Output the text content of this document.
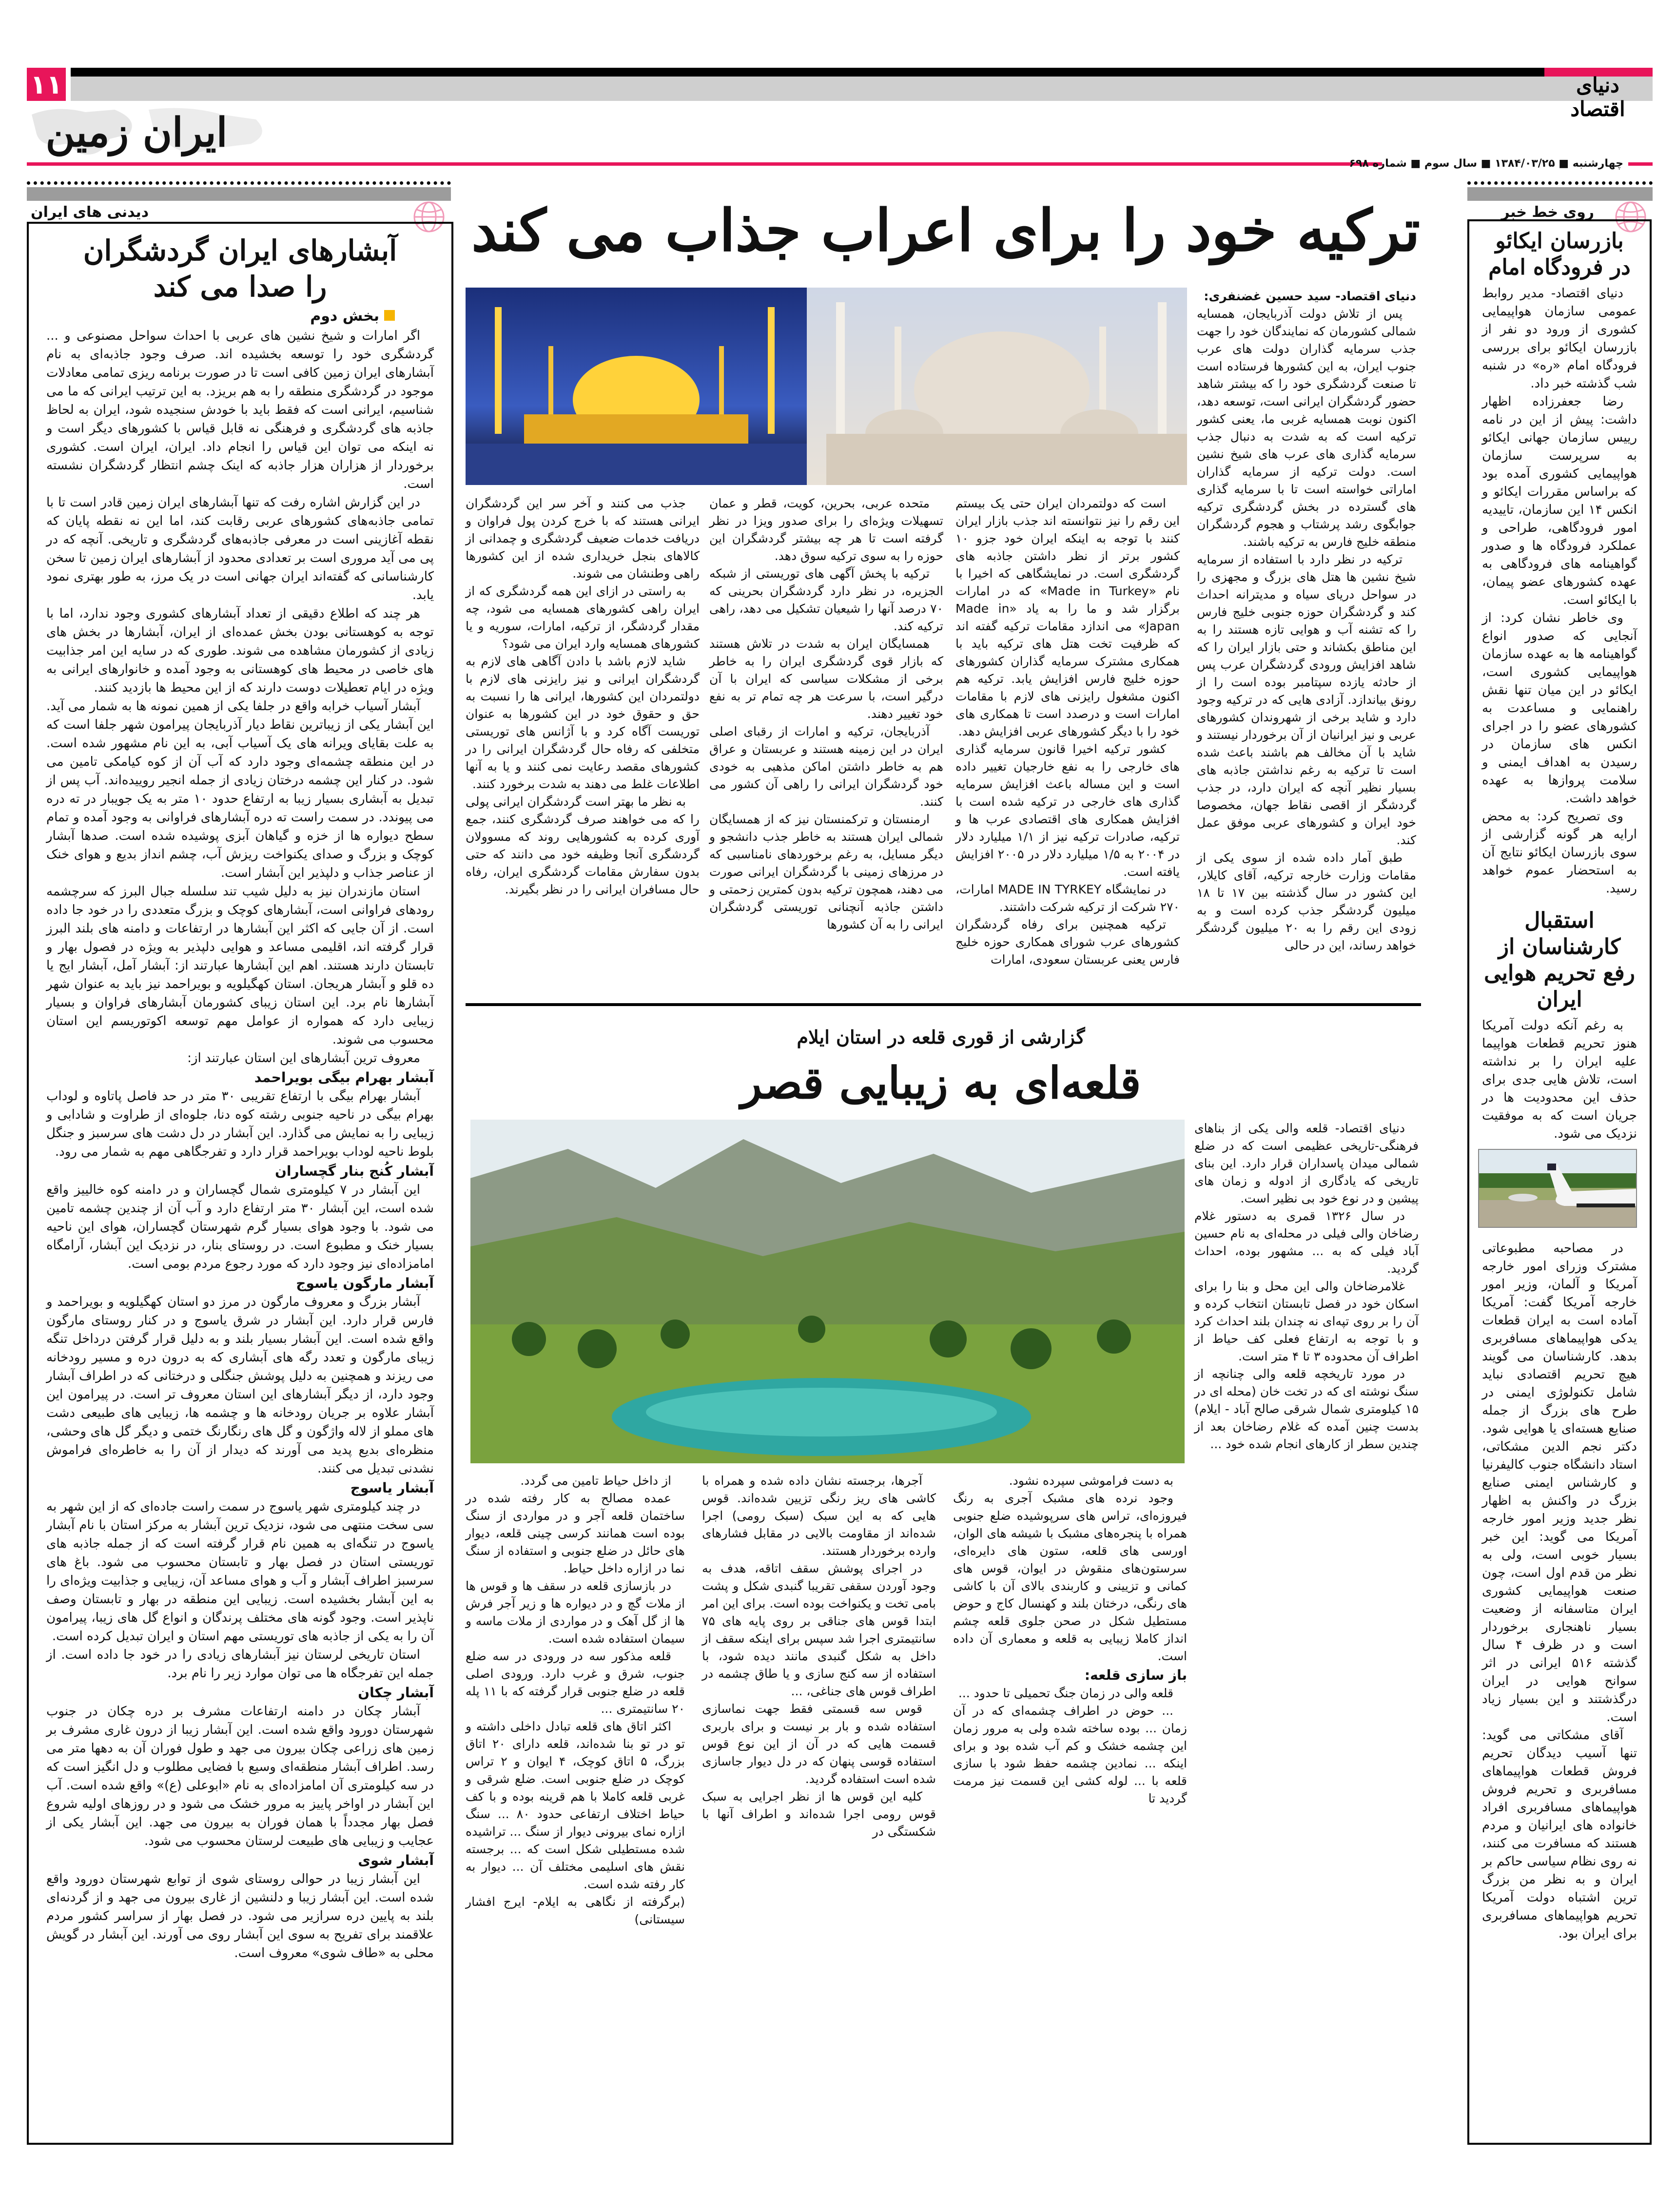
۱۱	دنیای اقتصاد
ایران زمین
چهارشنبه ■ ۱۳۸۴/۰۳/۲۵ ■ سال سوم ■ شماره ۶۹۸
روی خط خبر
دیدنی های ایران
بازرسان ایکائو در فرودگاه امام

دنیای اقتصاد- مدیر روابط عمومی سازمان هواپیمایی کشوری از ورود دو نفر از بازرسان ایکائو برای بررسی فرودگاه امام «ره» در شنبه شب گذشته خبر داد.

رضا جعفرزاده اظهار داشت: پیش از این در نامه رییس سازمان جهانی ایکائو به سرپرست سازمان هواپیمایی کشوری آمده بود که براساس مقررات ایکائو و انکس ۱۴ این سازمان، تاییدیه امور فرودگاهی، طراحی و عملکرد فرودگاه ها و صدور گواهینامه های فرودگاهی به عهده کشورهای عضو پیمان، با ایکائو است.

وی خاطر نشان کرد: از آنجایی که صدور انواع گواهینامه ها به عهده سازمان هواپیمایی کشوری است، ایکائو در این میان تنها نقش راهنمایی و مساعدت به کشورهای عضو را در اجرای انکس های سازمان در رسیدن به اهداف ایمنی و سلامت پروازها به عهده خواهد داشت.

وی تصریح کرد: به محض ارایه هر گونه گزارشی از سوی بازرسان ایکائو نتایج آن به استحضار عموم خواهد رسید.

استقبال کارشناسان از رفع تحریم هوایی ایران

به رغم آنکه دولت آمریکا هنوز تحریم قطعات هواپیما علیه ایران را بر نداشته است، تلاش هایی جدی برای حذف این محدودیت ها در جریان است که به موفقیت نزدیک می شود.

در مصاحبه مطبوعاتی مشترک وزرای امور خارجه آمریکا و آلمان، وزیر امور خارجه آمریکا گفت: آمریکا آماده است به ایران قطعات یدکی هواپیماهای مسافربری بدهد. کارشناسان می گویند هیچ تحریم اقتصادی نباید شامل تکنولوژی ایمنی در طرح های بزرگ از جمله صنایع هسته‌ای یا هوایی شود. دکتر نجم الدین مشکاتی، استاد دانشگاه جنوب کالیفرنیا و کارشناس ایمنی صنایع بزرگ در واکنش به اظهار نظر جدید وزیر امور خارجه آمریکا می گوید: این خبر بسیار خوبی است، ولی به نظر من قدم اول است، چون صنعت هواپیمایی کشوری ایران متاسفانه از وضعیت بسیار ناهنجاری برخوردار است و در ظرف ۴ سال گذشته ۵۱۶ ایرانی در اثر سوانح هوایی در ایران درگذشتند و این بسیار زیاد است.

آقای مشکاتی می گوید: تنها آسیب دیدگان تحریم فروش قطعات هواپیماهای مسافربری و تحریم فروش هواپیماهای مسافربری افراد خانواده های ایرانیان و مردم هستند که مسافرت می کنند، نه روی نظام سیاسی حاکم بر ایران و به نظر من بزرگ ترین اشتباه دولت آمریکا تحریم هواپیماهای مسافربری برای ایران بود.

آبشارهای ایران گردشگران را صدا می کند
بخش دوم

اگر امارات و شیخ نشین های عربی با احداث سواحل مصنوعی و ... گردشگری خود را توسعه بخشیده اند. صرف وجود جاذبه‌ای به نام آبشارهای ایران زمین کافی است تا در صورت برنامه ریزی تمامی معادلات موجود در گردشگری منطقه را به هم بریزد. به این ترتیب ایرانی که ما می شناسیم، ایرانی است که فقط باید با خودش سنجیده شود، ایران به لحاظ جاذبه های گردشگری و فرهنگی نه قابل قیاس با کشورهای دیگر است و نه اینکه می توان این قیاس را انجام داد. ایران، ایران است. کشوری برخوردار از هزاران هزار جاذبه که اینک چشم انتظار گردشگران نشسته است.

در این گزارش اشاره رفت که تنها آبشارهای ایران زمین قادر است تا با تمامی جاذبه‌های کشورهای عربی رقابت کند، اما این نه نقطه پایان که نقطه آغازینی است در معرفی جاذبه‌های گردشگری و تاریخی. آنچه که در پی می آید مروری است بر تعدادی محدود از آبشارهای ایران زمین تا سخن کارشناسانی که گفته‌اند ایران جهانی است در یک مرز، به طور بهتری نمود یابد.

هر چند که اطلاع دقیقی از تعداد آبشارهای کشوری وجود ندارد، اما با توجه به کوهستانی بودن بخش عمده‌ای از ایران، آبشارها در بخش های زیادی از کشورمان مشاهده می شوند. طوری که در سایه این امر جذابیت های خاصی در محیط های کوهستانی به وجود آمده و خانوارهای ایرانی به ویژه در ایام تعطیلات دوست دارند که از این محیط ها بازدید کنند.

آبشار آسیاب خرابه واقع در جلفا یکی از همین نمونه ها به شمار می آید. این آبشار یکی از زیباترین نقاط دیار آذربایجان پیرامون شهر جلفا است که به علت بقایای ویرانه های یک آسیاب آبی، به این نام مشهور شده است. در این منطقه چشمه‌ای وجود دارد که آب آن از کوه کیامکی تامین می شود. در کنار این چشمه درختان زیادی از جمله انجیر روییده‌اند. آب پس از تبدیل به آبشاری بسیار زیبا به ارتفاع حدود ۱۰ متر به یک جویبار در ته دره می پیوندد. در سمت راست ته دره آبشارهای فراوانی به وجود آمده و تمام سطح دیواره ها از خزه و گیاهان آبزی پوشیده شده است. صدها آبشار کوچک و بزرگ و صدای یکنواخت ریزش آب، چشم انداز بدیع و هوای خنک از عناصر جذاب و دلپذیر این آبشار است.

استان مازندران نیز به دلیل شیب تند سلسله جبال البرز که سرچشمه رودهای فراوانی است، آبشارهای کوچک و بزرگ متعددی را در خود جا داده است. از آن جایی که اکثر این آبشارها در ارتفاعات و دامنه های بلند البرز قرار گرفته اند، اقلیمی مساعد و هوایی دلپذیر به ویژه در فصول بهار و تابستان دارند هستند. اهم این آبشارها عبارتند از: آبشار آمل، آبشار ایج یا ده قلو و آبشار هریجان. استان کهگیلویه و بویراحمد نیز باید به عنوان شهر آبشارها نام برد. این استان زیبای کشورمان آبشارهای فراوان و بسیار زیبایی دارد که همواره از عوامل مهم توسعه اکوتوریسم این استان محسوب می شوند.

معروف ترین آبشارهای این استان عبارتند از:

آبشار بهرام بیگی بویراحمد

آبشار بهرام بیگی با ارتفاع تقریبی ۳۰ متر در حد فاصل پاتاوه و لوداب بهرام بیگی در ناحیه جنوبی رشته کوه دنا، جلوه‌ای از طراوت و شادابی و زیبایی را به نمایش می گذارد. این آبشار در دل دشت های سرسبز و جنگل بلوط ناحیه لوداب بویراحمد قرار دارد و تفرجگاهی مهم به شمار می رود.

آبشار کُنج بنار گچساران

این آبشار در ۷ کیلومتری شمال گچساران و در دامنه کوه خالییز واقع شده است، این آبشار ۳۰ متر ارتفاع دارد و آب آن از چندین چشمه تامین می شود. با وجود هوای بسیار گرم شهرستان گچساران، هوای این ناحیه بسیار خنک و مطبوع است. در روستای بنار، در نزدیک این آبشار، آرامگاه امامزاده‌ای نیز وجود دارد که مورد رجوع مردم بومی است.

آبشار مارگون یاسوج

آبشار بزرگ و معروف مارگون در مرز دو استان کهگیلویه و بویراحمد و فارس قرار دارد. این آبشار در شرق یاسوج و در کنار روستای مارگون واقع شده است. این آبشار بسیار بلند و به دلیل قرار گرفتن درداخل تنگه زیبای مارگون و تعدد رگه های آبشاری که به درون دره و مسیر رودخانه می ریزند و همچنین به دلیل پوشش جنگلی و درختانی که در اطراف آبشار وجود دارد، از دیگر آبشارهای این استان معروف تر است. در پیرامون این آبشار علاوه بر جریان رودخانه ها و چشمه ها، زیبایی های طبیعی دشت های مملو از لاله واژگون و گل های رنگارنگ ختمی و دیگر گل های وحشی، منظره‌ای بدیع پدید می آورند که دیدار از آن را به خاطره‌ای فراموش نشدنی تبدیل می کنند.

آبشار یاسوج

در چند کیلومتری شهر یاسوج در سمت راست جاده‌ای که از این شهر به سی سخت منتهی می شود، نزدیک ترین آبشار به مرکز استان با نام آبشار یاسوج در تنگه‌ای به همین نام قرار گرفته است که از جمله جاذبه های توریستی استان در فصل بهار و تابستان محسوب می شود. باغ های سرسبز اطراف آبشار و آب و هوای مساعد آن، زیبایی و جذابیت ویژه‌ای را به این آبشار بخشیده است. زیبایی این منطقه در بهار و تابستان وصف ناپذیر است. وجود گونه های مختلف پرندگان و انواع گل های زیبا، پیرامون آن را به یکی از جاذبه های توریستی مهم استان و ایران تبدیل کرده است.

استان تاریخی لرستان نیز آبشارهای زیادی را در خود جا داده است. از جمله این تفرجگاه ها می توان موارد زیر را نام برد.

آبشار چکان

آبشار چکان در دامنه ارتفاعات مشرف بر دره چکان در جنوب شهرستان دورود واقع شده است. این آبشار زیبا از درون غاری مشرف بر زمین های زراعی چکان بیرون می جهد و طول فوران آن به دهها متر می رسد. اطراف آبشار منطقه‌ای وسیع با فضایی مطلوب و دل انگیز است که در سه کیلومتری آن امامزاده‌ای به نام «ابوعلی (ع)» واقع شده است. آب این آبشار در اواخر پاییز به مرور خشک می شود و در روزهای اولیه شروع فصل بهار مجدداً با همان فوران به بیرون می جهد. این آبشار یکی از عجایب و زیبایی های طبیعت لرستان محسوب می شود.

آبشار شوی

این آبشار زیبا در حوالی روستای شوی از توابع شهرستان دورود واقع شده است. این آبشار زیبا و دلنشین از غاری بیرون می جهد و از گردنه‌ای بلند به پایین دره سرازیر می شود. در فصل بهار از سراسر کشور مردم علاقمند برای تفریح به سوی این آبشار روی می آورند. این آبشار در گویش محلی به «طاف شوی» معروف است.

ترکیه خود را برای اعراب جذاب می کند
دنیای اقتصاد- سید حسین غضنفری:

پس از تلاش دولت آذربایجان، همسایه شمالی کشورمان که نمایندگان خود را جهت جذب سرمایه گذاران دولت های عرب جنوب ایران، به این کشورها فرستاده است تا صنعت گردشگری خود را که بیشتر شاهد حضور گردشگران ایرانی است، توسعه دهد، اکنون نوبت همسایه غربی ما، یعنی کشور ترکیه است که به شدت به دنبال جذب سرمایه گذاری های عرب های شیخ نشین است. دولت ترکیه از سرمایه گذاران اماراتی خواسته است تا با سرمایه گذاری های گسترده در بخش گردشگری ترکیه جوابگوی رشد پرشتاب و هجوم گردشگران منطقه خلیج فارس به ترکیه باشند.

ترکیه در نظر دارد با استفاده از سرمایه شیخ نشین ها هتل های بزرگ و مجهزی را در سواحل دریای سیاه و مدیترانه احداث کند و گردشگران حوزه جنوبی خلیج فارس را که تشنه آب و هوایی تازه هستند را به این مناطق بکشاند و حتی بازار ایران را که شاهد افزایش ورودی گردشگران عرب پس از حادثه یازده سپتامبر بوده است را از رونق بیاندازد. آزادی هایی که در ترکیه وجود دارد و شاید برخی از شهروندان کشورهای عربی و نیز ایرانیان از آن برخوردار نیستند و شاید با آن مخالف هم باشند باعث شده است تا ترکیه به رغم نداشتن جاذبه های بسیار نظیر آنچه که ایران دارد، در جذب گردشگر از اقصی نقاط جهان، مخصوصا خود ایران و کشورهای عربی موفق عمل کند.

طبق آمار داده شده از سوی یکی از مقامات وزارت خارجه ترکیه، آقای کایلار، این کشور در سال گذشته بین ۱۷ تا ۱۸ میلیون گردشگر جذب کرده است و به زودی این رقم را به ۲۰ میلیون گردشگر خواهد رساند، این در حالی

است که دولتمردان ایران حتی یک بیستم این رقم را نیز نتوانسته اند جذب بازار ایران کنند با توجه به اینکه ایران خود جزو ۱۰ کشور برتر از نظر داشتن جاذبه های گردشگری است. در نمایشگاهی که اخیرا با نام «Made in Turkey» که در امارات برگزار شد و ما را به یاد «Made in Japan» می اندازد مقامات ترکیه گفته اند که ظرفیت تخت هتل های ترکیه باید با همکاری مشترک سرمایه گذاران کشورهای حوزه خلیج فارس افزایش یابد. ترکیه هم اکنون مشغول رایزنی های لازم با مقامات امارات است و درصدد است تا همکاری های خود را با دیگر کشورهای عربی افزایش دهد.

کشور ترکیه اخیرا قانون سرمایه گذاری های خارجی را به نفع خارجیان تغییر داده است و این مساله باعث افزایش سرمایه گذاری های خارجی در ترکیه شده است با افزایش همکاری های اقتصادی عرب ها و ترکیه، صادرات ترکیه نیز از ۱/۱ میلیارد دلار در ۲۰۰۴ به ۱/۵ میلیارد دلار در ۲۰۰۵ افزایش یافته است.

در نمایشگاه MADE IN TYRKEY امارات، ۲۷۰ شرکت از ترکیه شرکت داشتند.

ترکیه همچنین برای رفاه گردشگران کشورهای عرب شورای همکاری حوزه خلیج فارس یعنی عربستان سعودی، امارات

متحده عربی، بحرین، کویت، قطر و عمان تسهیلات ویژه‌ای را برای صدور ویزا در نظر گرفته است تا هر چه بیشتر گردشگران این حوزه را به سوی ترکیه سوق دهد.

ترکیه با پخش آگهی های توریستی از شبکه الجزیره، در نظر دارد گردشگران بحرینی که ۷۰ درصد آنها را شیعیان تشکیل می دهد، راهی ترکیه کند.

همسایگان ایران به شدت در تلاش هستند که بازار قوی گردشگری ایران را به خاطر برخی از مشکلات سیاسی که ایران با آن درگیر است، با سرعت هر چه تمام تر به نفع خود تغییر دهند.

آذربایجان، ترکیه و امارات از رقبای اصلی ایران در این زمینه هستند و عربستان و عراق هم به خاطر داشتن اماکن مذهبی به خودی خود گردشگران ایرانی را راهی آن کشور می کنند.

ارمنستان و ترکمنستان نیز که از همسایگان شمالی ایران هستند به خاطر جذب دانشجو و دیگر مسایل، به رغم برخوردهای نامناسبی که در مرزهای زمینی با گردشگران ایرانی صورت می دهند، همچون ترکیه بدون کمترین زحمتی و داشتن جاذبه آنچنانی توریستی گردشگران ایرانی را به آن کشورها

جذب می کنند و آخر سر این گردشگران ایرانی هستند که با خرج کردن پول فراوان و دریافت خدمات ضعیف گردشگری و چمدانی از کالاهای بنجل خریداری شده از این کشورها راهی وطنشان می شوند.

به راستی در ازای این همه گردشگری که از ایران راهی کشورهای همسایه می شود، چه مقدار گردشگر، از ترکیه، امارات، سوریه و یا کشورهای همسایه وارد ایران می شود؟

شاید لازم باشد با دادن آگاهی های لازم به گردشگران ایرانی و نیز رایزنی های لازم با دولتمردان این کشورها، ایرانی ها را نسبت به حق و حقوق خود در این کشورها به عنوان توریست آگاه کرد و با آژانس های توریستی متخلفی که رفاه حال گردشگران ایرانی را در کشورهای مقصد رعایت نمی کنند و یا به آنها اطلاعات غلط می دهند به شدت برخورد کنند.

به نظر ما بهتر است گردشگران ایرانی پولی را که می خواهند صرف گردشگری کنند، جمع آوری کرده به کشورهایی روند که مسوولان گردشگری آنجا وظیفه خود می دانند که حتی بدون سفارش مقامات گردشگری ایران، رفاه حال مسافران ایرانی را در نظر بگیرند.

گزارشی از قوری قلعه در استان ایلام
قلعه‌ای به زیبایی قصر

دنیای اقتصاد- قلعه والی یکی از بناهای فرهنگی-تاریخی عظیمی است که در ضلع شمالی میدان پاسداران قرار دارد. این بنای تاریخی که یادگاری از ادوله و زمان های پیشین و در نوع خود بی نظیر است.

در سال ۱۳۲۶ قمری به دستور غلام رضاخان والی فیلی در محله‌ای به نام حسین آباد فیلی که به ... مشهور بوده، احداث گردید.

غلامرضاخان والی این محل و بنا را برای اسکان خود در فصل تابستان انتخاب کرده و آن را بر روی تپه‌ای نه چندان بلند احداث کرد و با توجه به ارتفاع فعلی کف حیاط از اطراف آن محدوده ۳ تا ۴ متر است.

در مورد تاریخچه قلعه والی چنانچه از سنگ نوشته ای که در تخت خان (محله ای در ۱۵ کیلومتری شمال شرقی صالح آباد - ایلام) بدست چنین آمده که غلام رضاخان بعد از چندین سطر از کارهای انجام شده خود ...

به دست فراموشی سپرده نشود.

وجود نرده های مشبک آجری به رنگ فیروزه‌ای، تراس های سرپوشیده ضلع جنوبی همراه با پنجره‌های مشبک با شیشه های الوان، اورسی های قلعه، ستون های دایره‌ای، سرستون‌های منقوش در ایوان، قوس های کمانی و تزیینی و کاربندی بالای آن با کاشی های رنگی، درختان بلند و کهنسال کاج و حوض مستطیل شکل در صحن جلوی قلعه چشم انداز کاملا زیبایی به قلعه و معماری آن داده است.

باز سازی قلعه:

قلعه والی در زمان جنگ تحمیلی تا حدود ...

... حوض در اطراف چشمه‌ای که در آن زمان ... بوده ساخته شده ولی به مرور زمان این چشمه خشک و کم آب شده بود و برای اینکه ... نمادین چشمه حفظ شود با سازی قلعه با ... لوله کشی این قسمت نیز مرمت گردید تا

آجرها، برجسته نشان داده شده و همراه با کاشی های ریز رنگی تزیین شده‌اند. قوس هایی که به این سبک (سبک رومی) اجرا شده‌اند از مقاومت بالایی در مقابل فشارهای وارده برخوردار هستند.

در اجرای پوشش سقف اتاقه، هدف به وجود آوردن سقفی تقریبا گنبدی شکل و پشت بامی تخت و یکنواخت بوده است. برای این امر ابتدا قوس های جناقی بر روی پایه های ۷۵ سانتیمتری اجرا شد سپس برای اینکه سقف از داخل به شکل گنبدی مانند دیده شود، با استفاده از سه کنج سازی و یا طاق چشمه در اطراف قوس های جناغی، ...

قوس سه قسمتی فقط جهت نماسازی استفاده شده و بار بر نیست و برای باربری قسمت هایی که در آن از این نوع قوس استفاده قوسی پنهان که در دل دیوار جاسازی شده است استفاده گردید.

کلیه این قوس ها از نظر اجرایی به سبک قوس رومی اجرا شده‌اند و اطراف آنها با شکستگی در

از داخل حیاط تامین می گردد.

عمده مصالح به کار رفته شده در ساختمان قلعه آجر و در مواردی از سنگ بوده است همانند کرسی چینی قلعه، دیوار های حائل در ضلع جنوبی و استفاده از سنگ نما در ازاره داخل حیاط.

در بازسازی قلعه در سقف ها و قوس ها از ملات گچ و در دیواره ها و زیر آجر فرش ها از گل آهک و در مواردی از ملات ماسه و سیمان استفاده شده است.

قلعه مذکور سه در ورودی در سه ضلع جنوب، شرق و غرب دارد. ورودی اصلی قلعه در ضلع جنوبی قرار گرفته که با ۱۱ پله ۲۰ سانتیمتری ...

اکثر اتاق های قلعه تبادل داخلی داشته و تو در تو بنا شده‌اند، قلعه دارای ۲۰ اتاق بزرگ، ۵ اتاق کوچک، ۴ ایوان و ۲ تراس کوچک در ضلع جنوبی است. ضلع شرقی و غربی قلعه کاملا با هم قرینه بوده و با کف حیاط اختلاف ارتفاعی حدود ۸۰ ... سنگ ازاره نمای بیرونی دیوار از سنگ ... تراشیده شده مستطیلی شکل است که ... برجسته نقش های اسلیمی مختلف آن ... دیوار به کار رفته شده است.

(برگرفته از نگاهی به ایلام- ایرج افشار سیستانی)
